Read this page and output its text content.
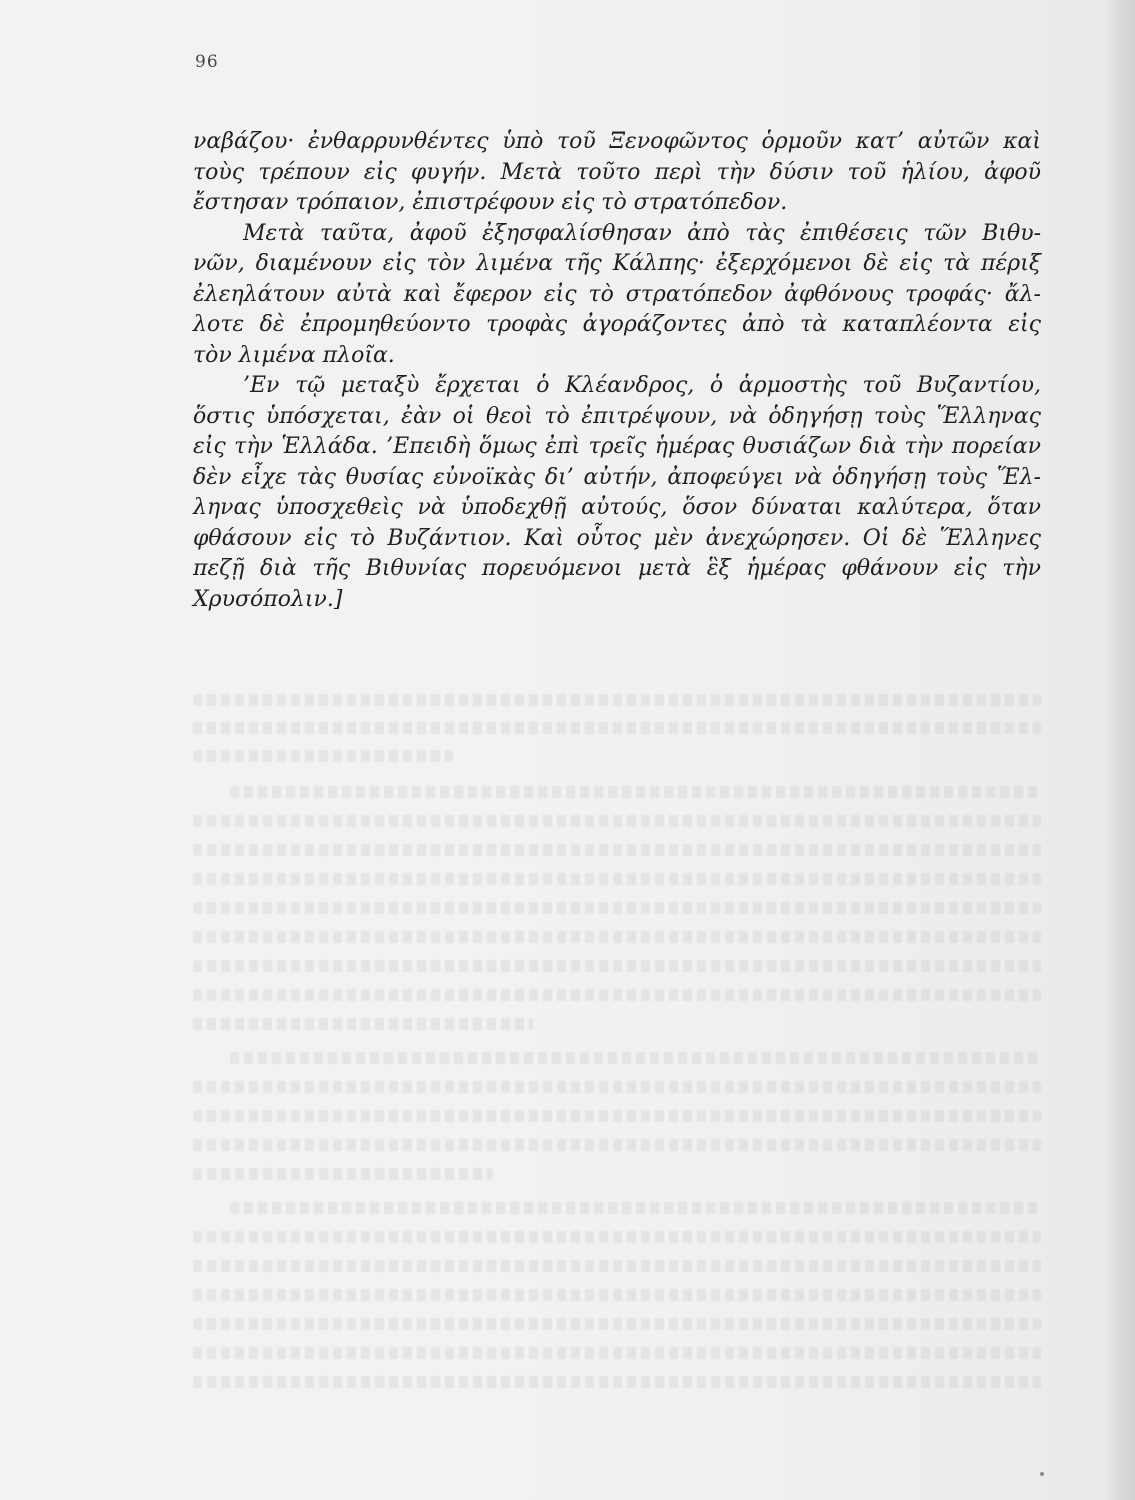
96
ναβάζου· ἐνθαρρυνθέντες ὑπὸ τοῦ Ξενοφῶντος ὁρμοῦν κατ’ αὐτῶν καὶ
τοὺς τρέπουν εἰς φυγήν. Μετὰ τοῦτο περὶ τὴν δύσιν τοῦ ἡλίου, ἀφοῦ
ἔστησαν τρόπαιον, ἐπιστρέφουν εἰς τὸ στρατόπεδον.
Μετὰ ταῦτα, ἀφοῦ ἐξησφαλίσθησαν ἀπὸ τὰς ἐπιθέσεις τῶν Βιθυ-
νῶν, διαμένουν εἰς τὸν λιμένα τῆς Κάλπης· ἐξερχόμενοι δὲ εἰς τὰ πέριξ
ἐλεηλάτουν αὐτὰ καὶ ἔφερον εἰς τὸ στρατόπεδον ἀφθόνους τροφάς· ἄλ-
λοτε δὲ ἐπρομηθεύοντο τροφὰς ἀγοράζοντες ἀπὸ τὰ καταπλέοντα εἰς
τὸν λιμένα πλοῖα.
’Εν τῷ μεταξὺ ἔρχεται ὁ Κλέανδρος, ὁ ἁρμοστὴς τοῦ Βυζαντίου,
ὅστις ὑπόσχεται, ἐὰν οἱ θεοὶ τὸ ἐπιτρέψουν, νὰ ὁδηγήσῃ τοὺς Ἕλληνας
εἰς τὴν Ἑλλάδα. ’Επειδὴ ὅμως ἐπὶ τρεῖς ἡμέρας θυσιάζων διὰ τὴν πορείαν
δὲν εἶχε τὰς θυσίας εὐνοϊκὰς δι’ αὐτήν, ἀποφεύγει νὰ ὁδηγήσῃ τοὺς Ἕλ-
ληνας ὑποσχεθεὶς νὰ ὑποδεχθῇ αὐτούς, ὅσον δύναται καλύτερα, ὅταν
φθάσουν εἰς τὸ Βυζάντιον. Καὶ οὗτος μὲν ἀνεχώρησεν. Οἱ δὲ Ἕλληνες
πεζῇ διὰ τῆς Βιθυνίας πορευόμενοι μετὰ ἓξ ἡμέρας φθάνουν εἰς τὴν
Χρυσόπολιν.]
